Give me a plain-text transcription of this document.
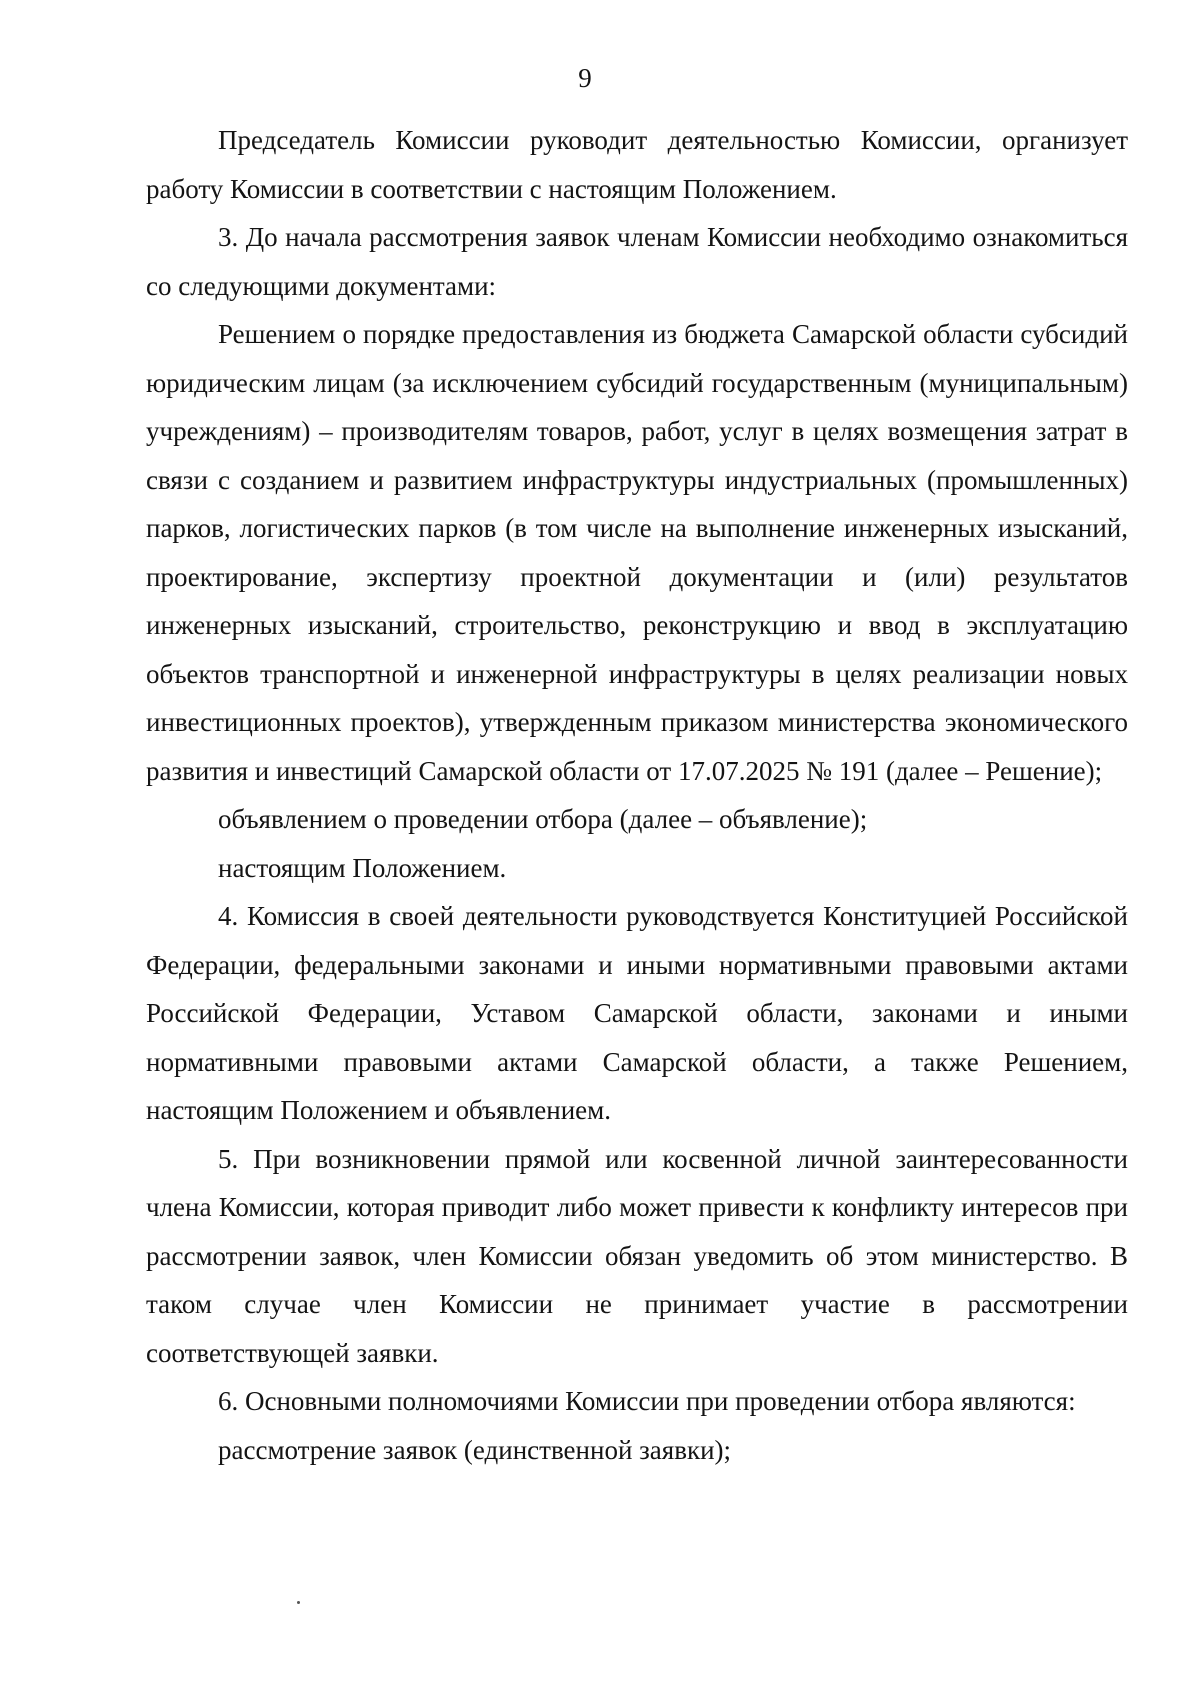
9

Председатель Комиссии руководит деятельностью Комиссии, организует работу Комиссии в соответствии с настоящим Положением.

3. До начала рассмотрения заявок членам Комиссии необходимо ознакомиться со следующими документами:

Решением о порядке предоставления из бюджета Самарской области субсидий юридическим лицам (за исключением субсидий государственным (муниципальным) учреждениям) – производителям товаров, работ, услуг в целях возмещения затрат в связи с созданием и развитием инфраструктуры индустриальных (промышленных) парков, логистических парков (в том числе на выполнение инженерных изысканий, проектирование, экспертизу проектной документации и (или) результатов инженерных изысканий, строительство, реконструкцию и ввод в эксплуатацию объектов транспортной и инженерной инфраструктуры в целях реализации новых инвестиционных проектов), утвержденным приказом министерства экономического развития и инвестиций Самарской области от 17.07.2025 № 191 (далее – Решение);

объявлением о проведении отбора (далее – объявление);

настоящим Положением.

4. Комиссия в своей деятельности руководствуется Конституцией Российской Федерации, федеральными законами и иными нормативными правовыми актами Российской Федерации, Уставом Самарской области, законами и иными нормативными правовыми актами Самарской области, а также Решением, настоящим Положением и объявлением.

5. При возникновении прямой или косвенной личной заинтересованности члена Комиссии, которая приводит либо может привести к конфликту интересов при рассмотрении заявок, член Комиссии обязан уведомить об этом министерство. В таком случае член Комиссии не принимает участие в рассмотрении соответствующей заявки.

6. Основными полномочиями Комиссии при проведении отбора являются:

рассмотрение заявок (единственной заявки);
